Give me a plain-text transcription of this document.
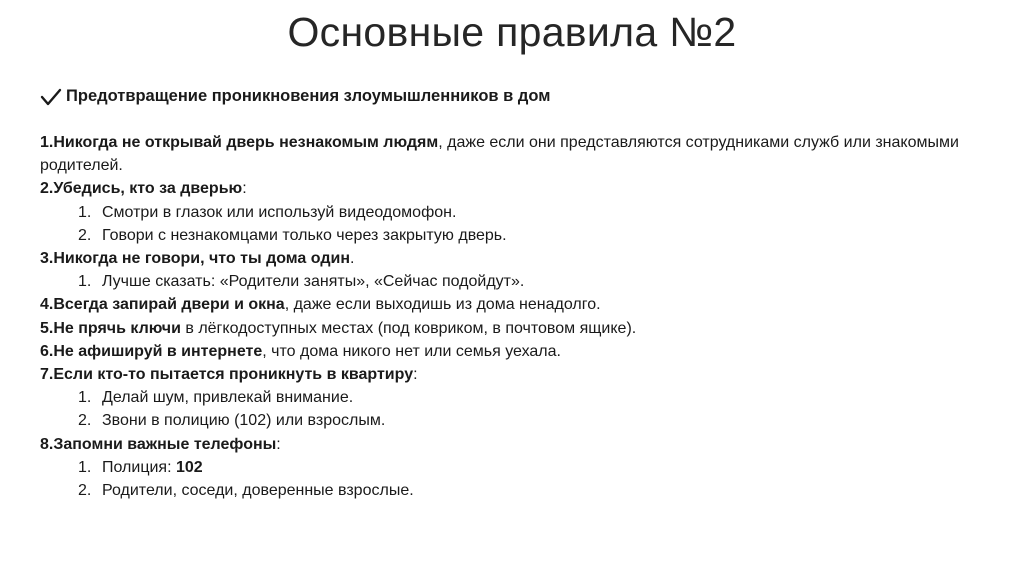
Основные правила №2
Предотвращение проникновения злоумышленников в дом
1.Никогда не открывай дверь незнакомым людям, даже если они представляются сотрудниками служб или знакомыми родителей.
2.Убедись, кто за дверью:
1. Смотри в глазок или используй видеодомофон.
2. Говори с незнакомцами только через закрытую дверь.
3.Никогда не говори, что ты дома один.
1. Лучше сказать: «Родители заняты», «Сейчас подойдут».
4.Всегда запирай двери и окна, даже если выходишь из дома ненадолго.
5.Не прячь ключи в лёгкодоступных местах (под ковриком, в почтовом ящике).
6.Не афишируй в интернете, что дома никого нет или семья уехала.
7.Если кто-то пытается проникнуть в квартиру:
1. Делай шум, привлекай внимание.
2. Звони в полицию (102) или взрослым.
8.Запомни важные телефоны:
1. Полиция: 102
2. Родители, соседи, доверенные взрослые.
